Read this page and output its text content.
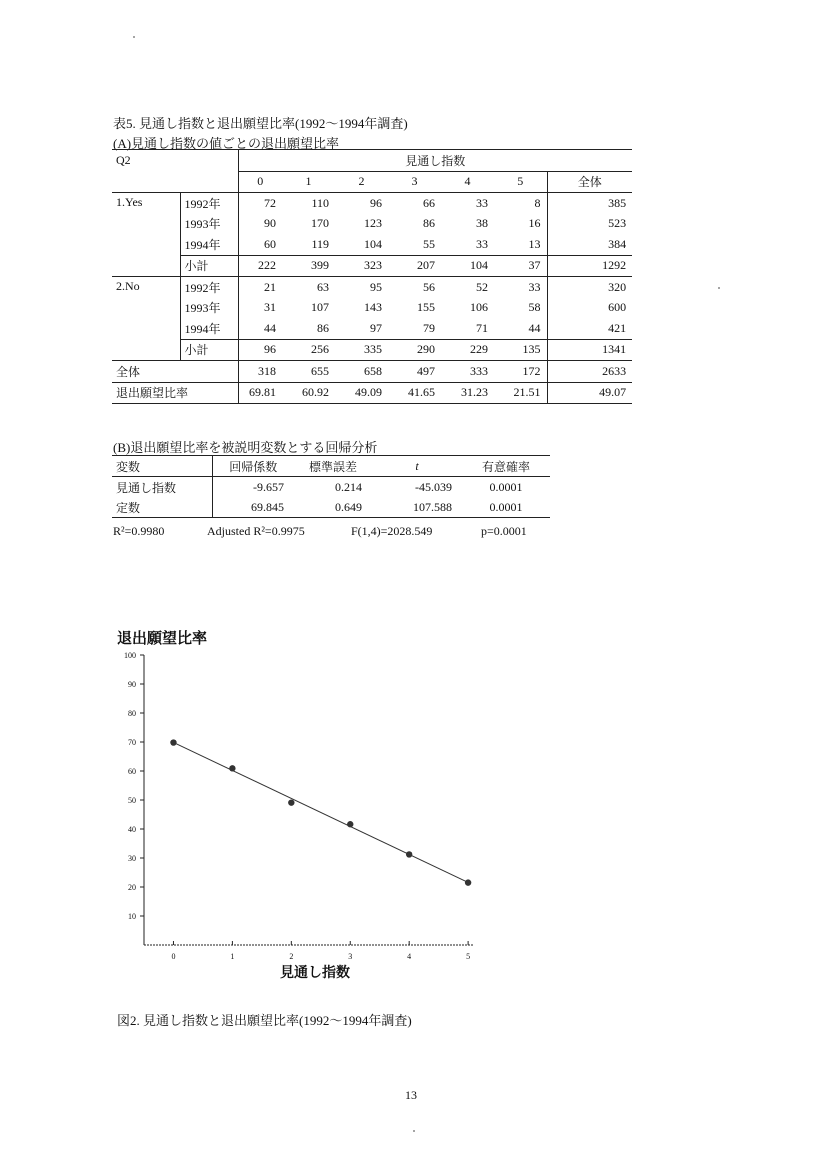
表5. 見通し指数と退出願望比率(1992～1994年調査)
(A)見通し指数の値ごとの退出願望比率
Q2		見通し指数						
		0	1	2	3	4	5	全体
1.Yes	1992年	72	110	96	66	33	8	385
	1993年	90	170	123	86	38	16	523
	1994年	60	119	104	55	33	13	384
	小計	222	399	323	207	104	37	1292
2.No	1992年	21	63	95	56	52	33	320
	1993年	31	107	143	155	106	58	600
	1994年	44	86	97	79	71	44	421
	小計	96	256	335	290	229	135	1341
全体		318	655	658	497	333	172	2633
退出願望比率		69.81	60.92	49.09	41.65	31.23	21.51	49.07
(B)退出願望比率を被説明変数とする回帰分析
変数	回帰係数	標準誤差	t	有意確率
見通し指数	-9.657	0.214	-45.039	0.0001
定数	69.845	0.649	107.588	0.0001
R²=0.9980	Adjusted R²=0.9975	F(1,4)=2028.549	p=0.0001
退出願望比率
10
20
30
40
50
60
70
80
90
100
0	1	2	3	4	5
見通し指数
図2. 見通し指数と退出願望比率(1992～1994年調査)
13
